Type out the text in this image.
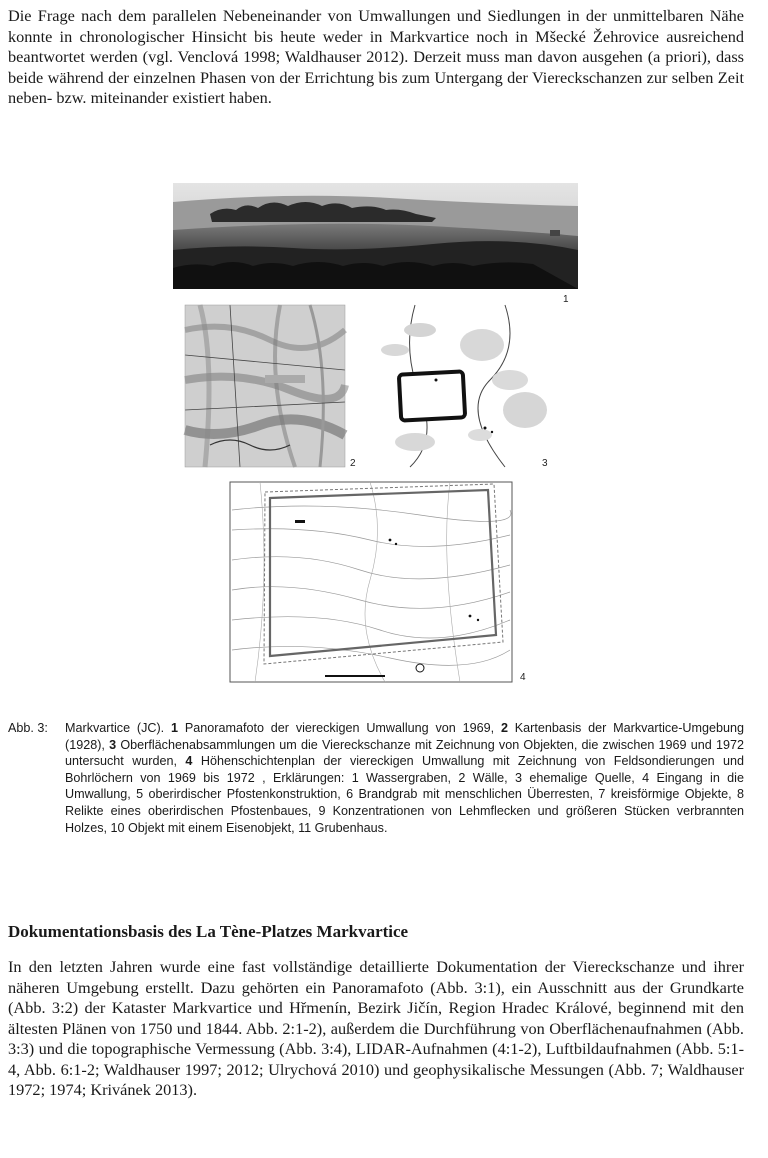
Die Frage nach dem parallelen Nebeneinander von Umwallungen und Siedlungen in der unmittelbaren Nähe konnte in chronologischer Hinsicht bis heute weder in Markvartice noch in Mšecké Žehrovice ausreichend beantwortet werden (vgl. Venclová 1998; Waldhauser 2012). Derzeit muss man davon ausgehen (a priori), dass beide während der einzelnen Phasen von der Errichtung bis zum Untergang der Viereckschanzen zur selben Zeit neben- bzw. miteinander existiert haben.

1
2	3
4
Abb. 3: Markvartice (JC). 1 Panoramafoto der viereckigen Umwallung von 1969, 2 Kartenbasis der Markvartice-Umgebung (1928), 3 Oberflächenabsammlungen um die Viereckschanze mit Zeichnung von Objekten, die zwischen 1969 und 1972 untersucht wurden, 4 Höhenschichtenplan der viereckigen Umwallung mit Zeichnung von Feldsondierungen und Bohrlöchern von 1969 bis 1972 , Erklärungen: 1 Wassergraben, 2 Wälle, 3 ehemalige Quelle, 4 Eingang in die Umwallung, 5 oberirdischer Pfostenkonstruktion, 6 Brandgrab mit menschlichen Überresten, 7 kreisförmige Objekte, 8 Relikte eines oberirdischen Pfostenbaues, 9 Konzentrationen von Lehmflecken und größeren Stücken verbrannten Holzes, 10 Objekt mit einem Eisenobjekt, 11 Grubenhaus.
Dokumentationsbasis des La Tène-Platzes Markvartice

In den letzten Jahren wurde eine fast vollständige detaillierte Dokumentation der Viereckschanze und ihrer näheren Umgebung erstellt. Dazu gehörten ein Panoramafoto (Abb. 3:1), ein Ausschnitt aus der Grundkarte (Abb. 3:2) der Kataster Markvartice und Hřmenín, Bezirk Jičín, Region Hradec Králové, beginnend mit den ältesten Plänen von 1750 und 1844. Abb. 2:1-2), außerdem die Durchführung von Oberflächenaufnahmen (Abb. 3:3) und die topographische Vermessung (Abb. 3:4), LIDAR-Aufnahmen (4:1-2), Luftbildaufnahmen (Abb. 5:1-4, Abb. 6:1-2; Waldhauser 1997; 2012; Ulrychová 2010) und geophysikalische Messungen (Abb. 7; Waldhauser 1972; 1974; Krivánek 2013).
